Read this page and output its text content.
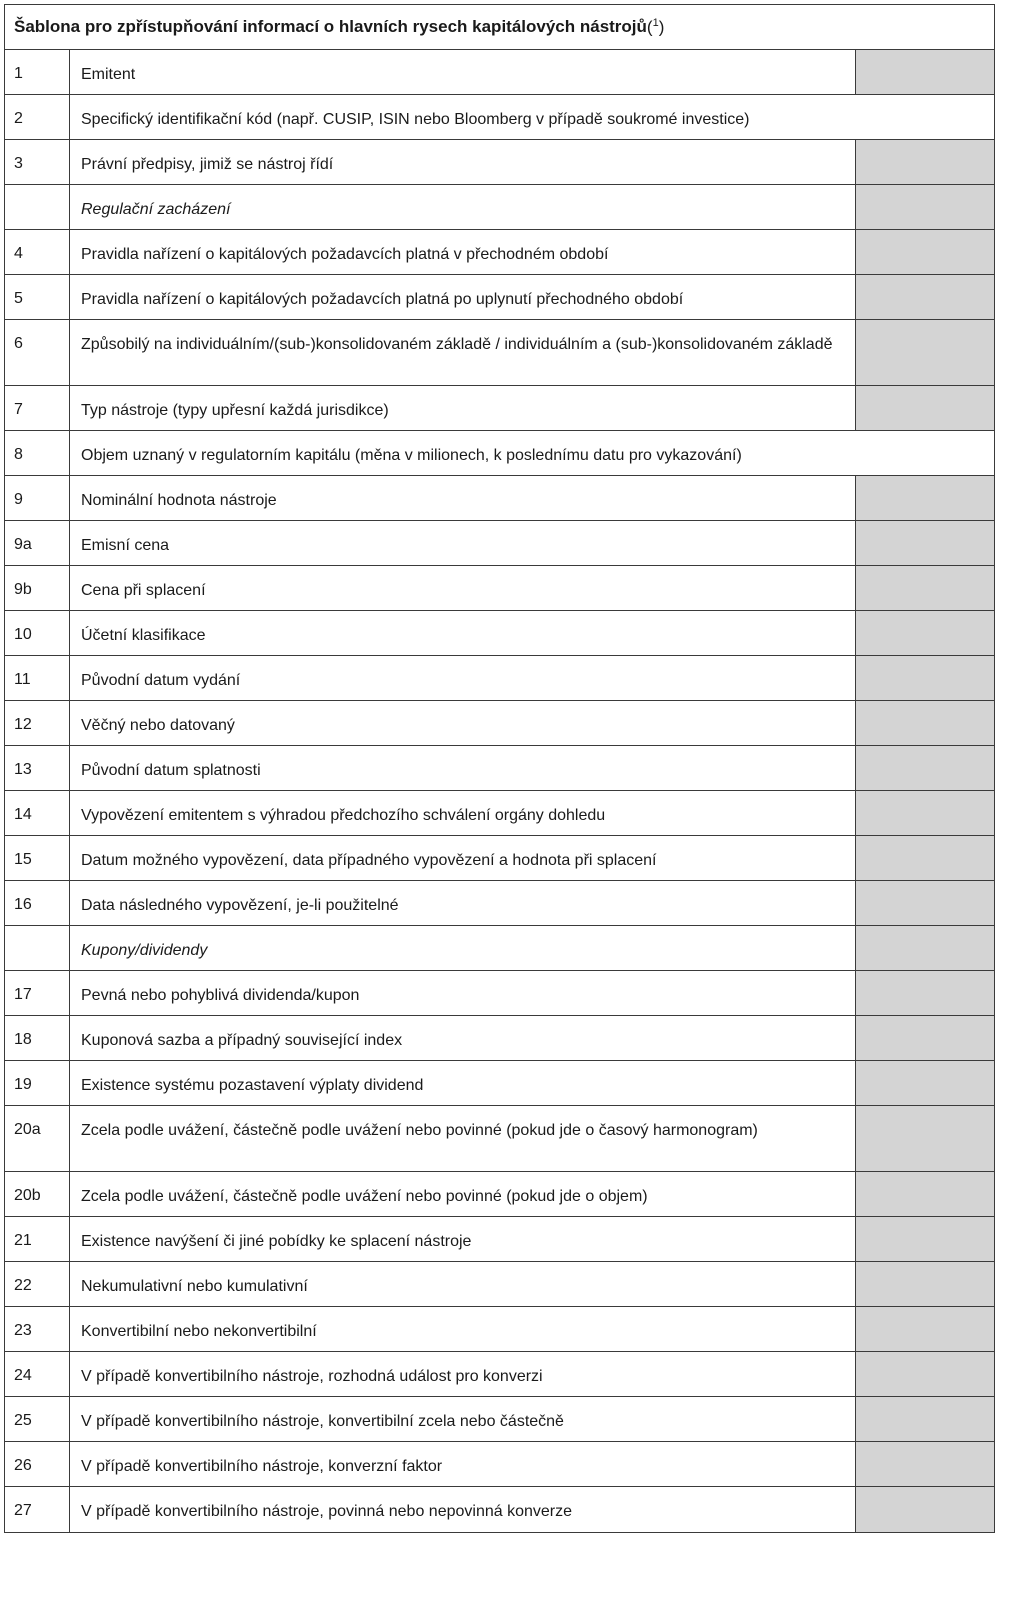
Šablona pro zpřístupňování informací o hlavních rysech kapitálových nástrojů ($^1$)
1	Emitent
2	Specifický identifikační kód (např. CUSIP, ISIN nebo Bloomberg v případě soukromé investice)
3	Právní předpisy, jimiž se nástroj řídí
Regulační zacházení
4	Pravidla nařízení o kapitálových požadavcích platná v přechodném období
5	Pravidla nařízení o kapitálových požadavcích platná po uplynutí přechodného období
6	Způsobilý na individuálním/(sub-)konsolidovaném základě / individuálním a (sub-)konsolidovaném základě
7	Typ nástroje (typy upřesní každá jurisdikce)
8	Objem uznaný v regulatorním kapitálu (měna v milionech, k poslednímu datu pro vykazování)
9	Nominální hodnota nástroje
9a	Emisní cena
9b	Cena při splacení
10	Účetní klasifikace
11	Původní datum vydání
12	Věčný nebo datovaný
13	Původní datum splatnosti
14	Vypovězení emitentem s výhradou předchozího schválení orgány dohledu
15	Datum možného vypovězení, data případného vypovězení a hodnota při splacení
16	Data následného vypovězení, je-li použitelné
Kupony/dividendy
17	Pevná nebo pohyblivá dividenda/kupon
18	Kuponová sazba a případný související index
19	Existence systému pozastavení výplaty dividend
20a	Zcela podle uvážení, částečně podle uvážení nebo povinné (pokud jde o časový harmonogram)
20b	Zcela podle uvážení, částečně podle uvážení nebo povinné (pokud jde o objem)
21	Existence navýšení či jiné pobídky ke splacení nástroje
22	Nekumulativní nebo kumulativní
23	Konvertibilní nebo nekonvertibilní
24	V případě konvertibilního nástroje, rozhodná událost pro konverzi
25	V případě konvertibilního nástroje, konvertibilní zcela nebo částečně
26	V případě konvertibilního nástroje, konverzní faktor
27	V případě konvertibilního nástroje, povinná nebo nepovinná konverze
